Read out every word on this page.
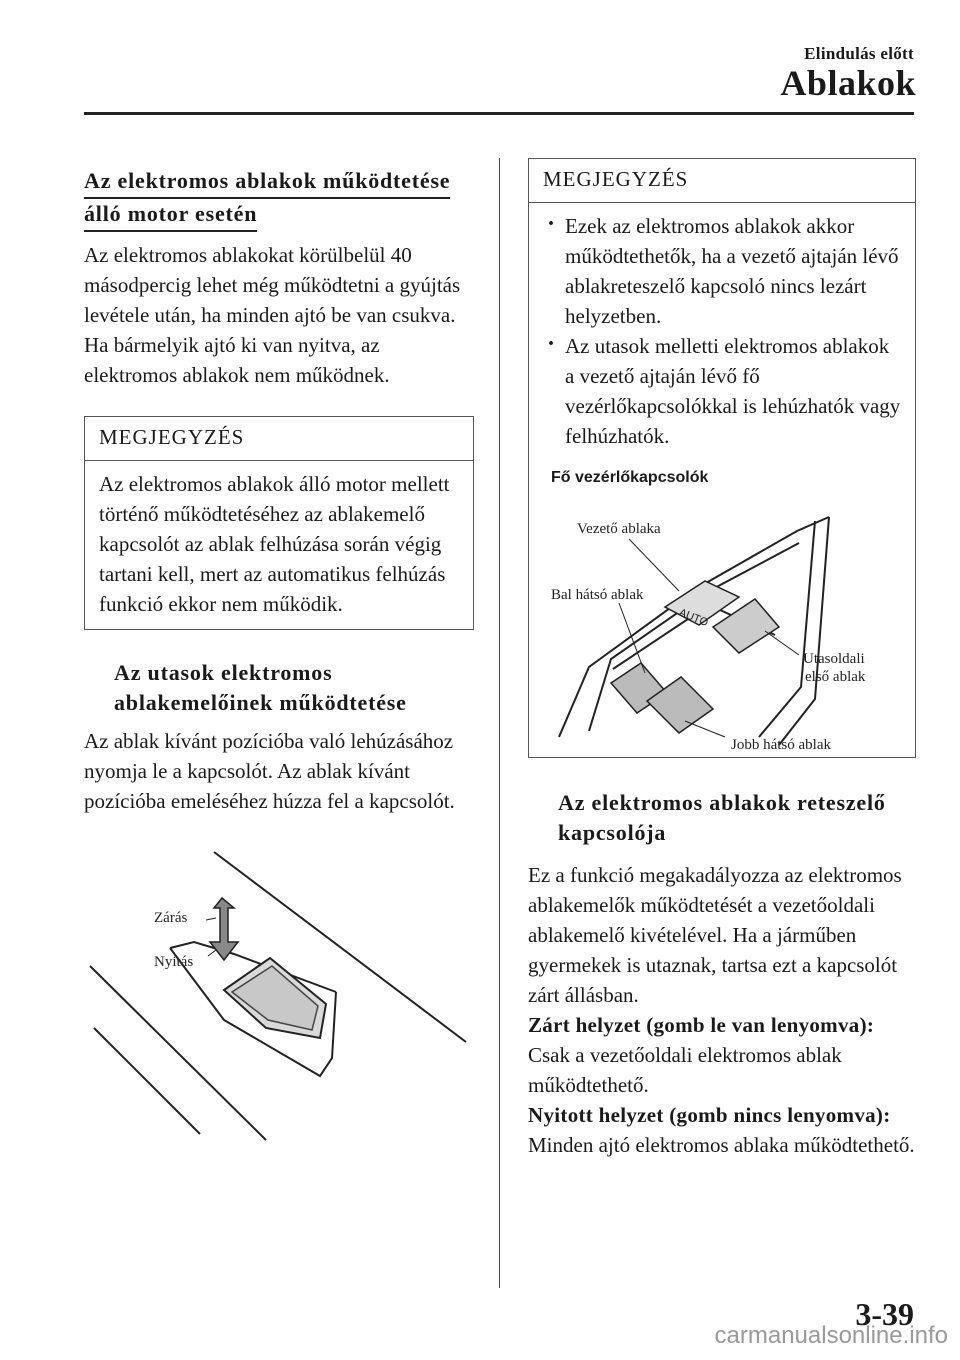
Elindulás előtt
Ablakok
Az elektromos ablakok működtetése
álló motor esetén

Az elektromos ablakokat körülbelül 40 másodpercig lehet még működtetni a gyújtás levétele után, ha minden ajtó be van csukva. Ha bármelyik ajtó ki van nyitva, az elektromos ablakok nem működnek.

MEGJEGYZÉS
Az elektromos ablakok álló motor mellett történő működtetéséhez az ablakemelő kapcsolót az ablak felhúzása során végig tartani kell, mert az automatikus felhúzás funkció ekkor nem működik.
Az utasok elektromos
ablakemelőinek működtetése

Az ablak kívánt pozícióba való lehúzásához nyomja le a kapcsolót. Az ablak kívánt pozícióba emeléséhez húzza fel a kapcsolót.

Zárás
Nyitás
MEGJEGYZÉS
· Ezek az elektromos ablakok akkor működtethetők, ha a vezető ajtaján lévő ablakreteszelő kapcsoló nincs lezárt helyzetben.
· Az utasok melletti elektromos ablakok a vezető ajtaján lévő fő vezérlőkapcsolókkal is lehúzhatók vagy felhúzhatók.
Fő vezérlőkapcsolók
AUTO
Vezető ablaka
Bal hátsó ablak
Utasoldali
első ablak
Jobb hátsó ablak
Az elektromos ablakok reteszelő
kapcsolója

Ez a funkció megakadályozza az elektromos ablakemelők működtetését a vezetőoldali ablakemelő kivételével. Ha a járműben gyermekek is utaznak, tartsa ezt a kapcsolót zárt állásban.

Zárt helyzet (gomb le van lenyomva):

Csak a vezetőoldali elektromos ablak működtethető.

Nyitott helyzet (gomb nincs lenyomva):

Minden ajtó elektromos ablaka működtethető.

3-39
carmanualsonline.info
